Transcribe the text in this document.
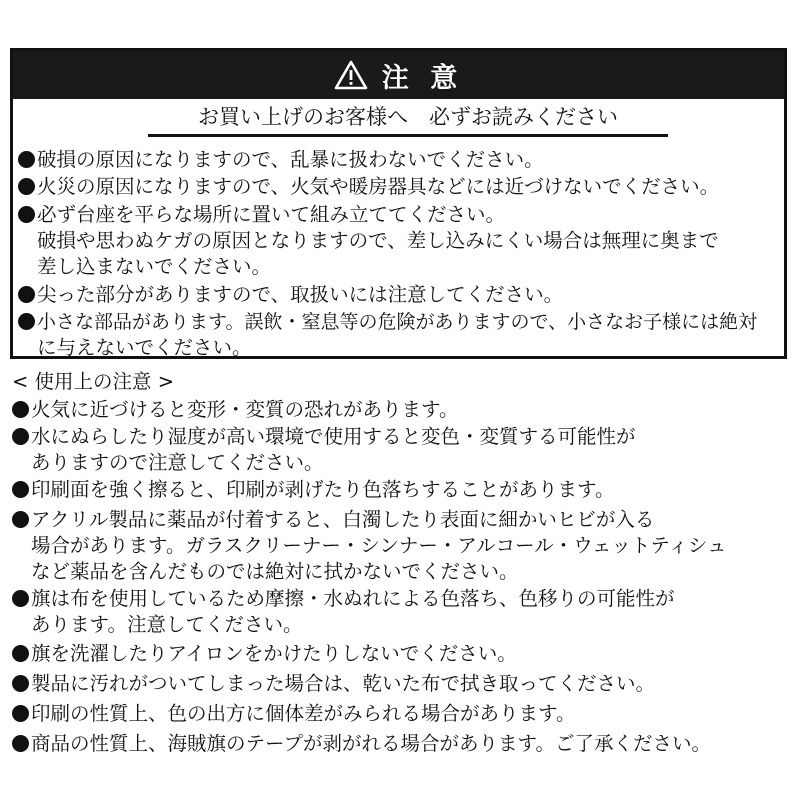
注 意
お買い上げのお客様へ　必ずお読みください
破損の原因になりますので、乱暴に扱わないでください。
火災の原因になりますので、火気や暖房器具などには近づけないでください。
必ず台座を平らな場所に置いて組み立ててください。
破損や思わぬケガの原因となりますので、差し込みにくい場合は無理に奥まで
差し込まないでください。
尖った部分がありますので、取扱いには注意してください。
小さな部品があります。誤飲・窒息等の危険がありますので、小さなお子様には絶対
に与えないでください。
< 使用上の注意 >
火気に近づけると変形・変質の恐れがあります。
水にぬらしたり湿度が高い環境で使用すると変色・変質する可能性が
ありますので注意してください。
印刷面を強く擦ると、印刷が剥げたり色落ちすることがあります。
アクリル製品に薬品が付着すると、白濁したり表面に細かいヒビが入る
場合があります。ガラスクリーナー・シンナー・アルコール・ウェットティシュ
など薬品を含んだものでは絶対に拭かないでください。
旗は布を使用しているため摩擦・水ぬれによる色落ち、色移りの可能性が
あります。注意してください。
旗を洗濯したりアイロンをかけたりしないでください。
製品に汚れがついてしまった場合は、乾いた布で拭き取ってください。
印刷の性質上、色の出方に個体差がみられる場合があります。
商品の性質上、海賊旗のテープが剥がれる場合があります。ご了承ください。
